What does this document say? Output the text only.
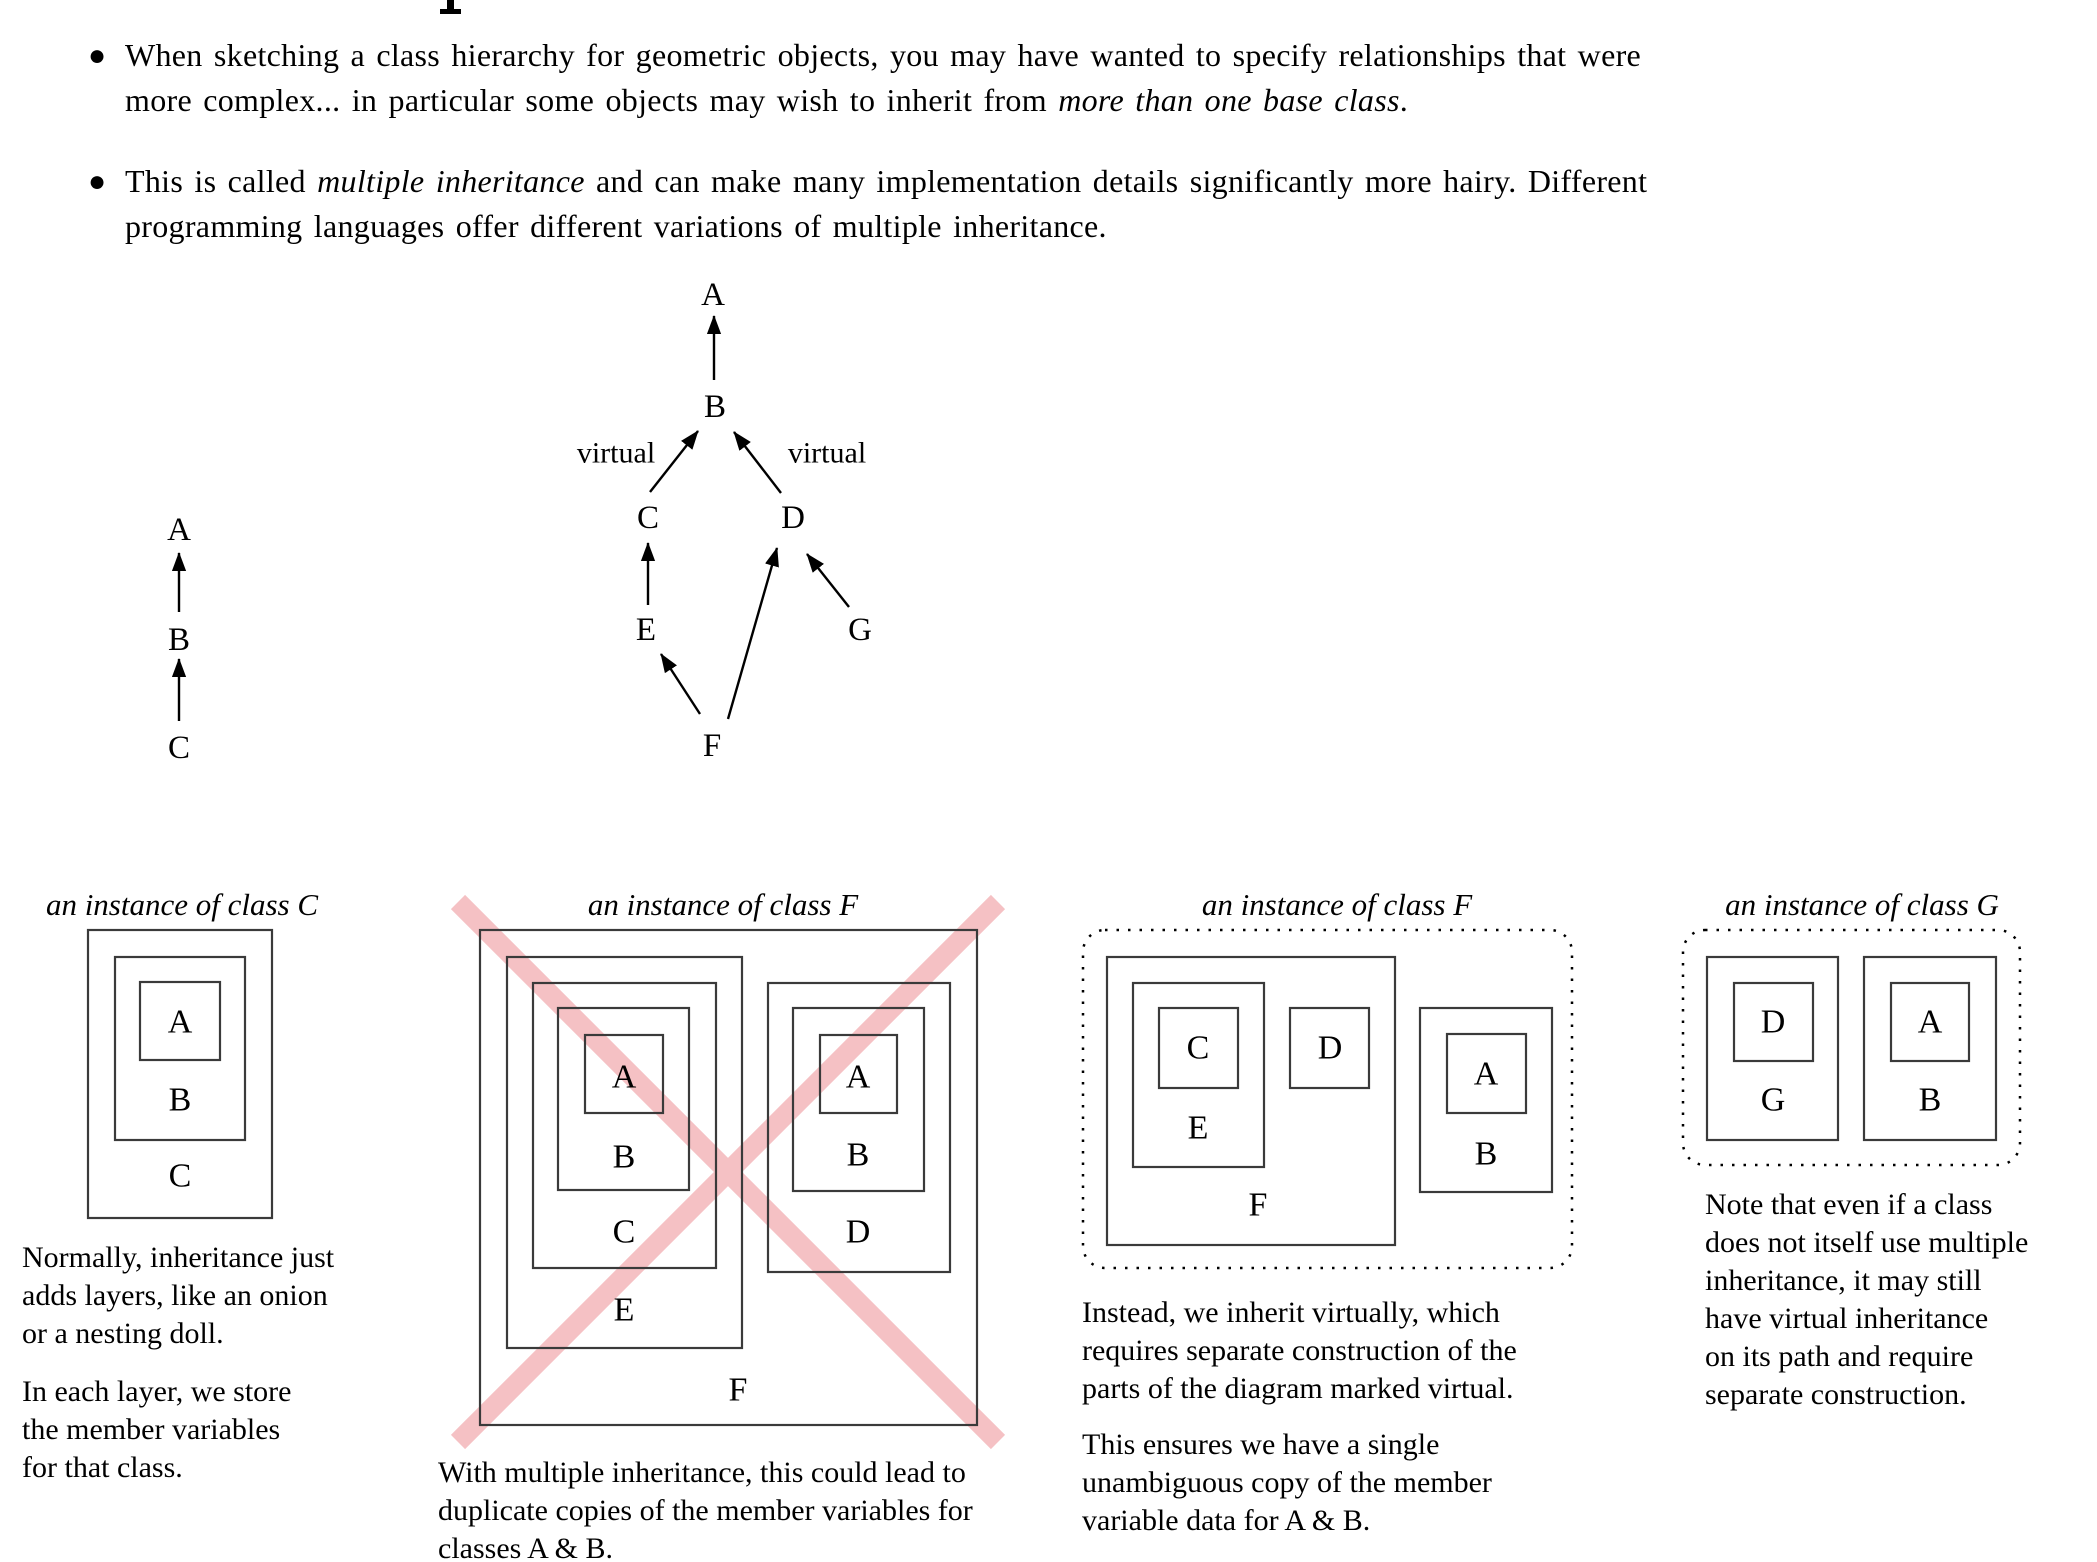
A
B
C
A
B
C	D
E	G
F
virtual	virtual
A
B
C
A
B
C
E
F
A
B
D
C
E
F
D
A
B
D
G
A
B
● When sketching a class hierarchy for geometric objects, you may have wanted to specify relationships that were
more complex... in particular some objects may wish to inherit from more than one base class.
● This is called multiple inheritance and can make many implementation details significantly more hairy. Different
programming languages offer different variations of multiple inheritance.
an instance of class C
Normally, inheritance just
adds layers, like an onion
or a nesting doll.
In each layer, we store
the member variables
for that class.
an instance of class F
With multiple inheritance, this could lead to
duplicate copies of the member variables for
classes A & B.
an instance of class F
Instead, we inherit virtually, which
requires separate construction of the
parts of the diagram marked virtual.
This ensures we have a single
unambiguous copy of the member
variable data for A & B.
an instance of class G
Note that even if a class
does not itself use multiple
inheritance, it may still
have virtual inheritance
on its path and require
separate construction.
